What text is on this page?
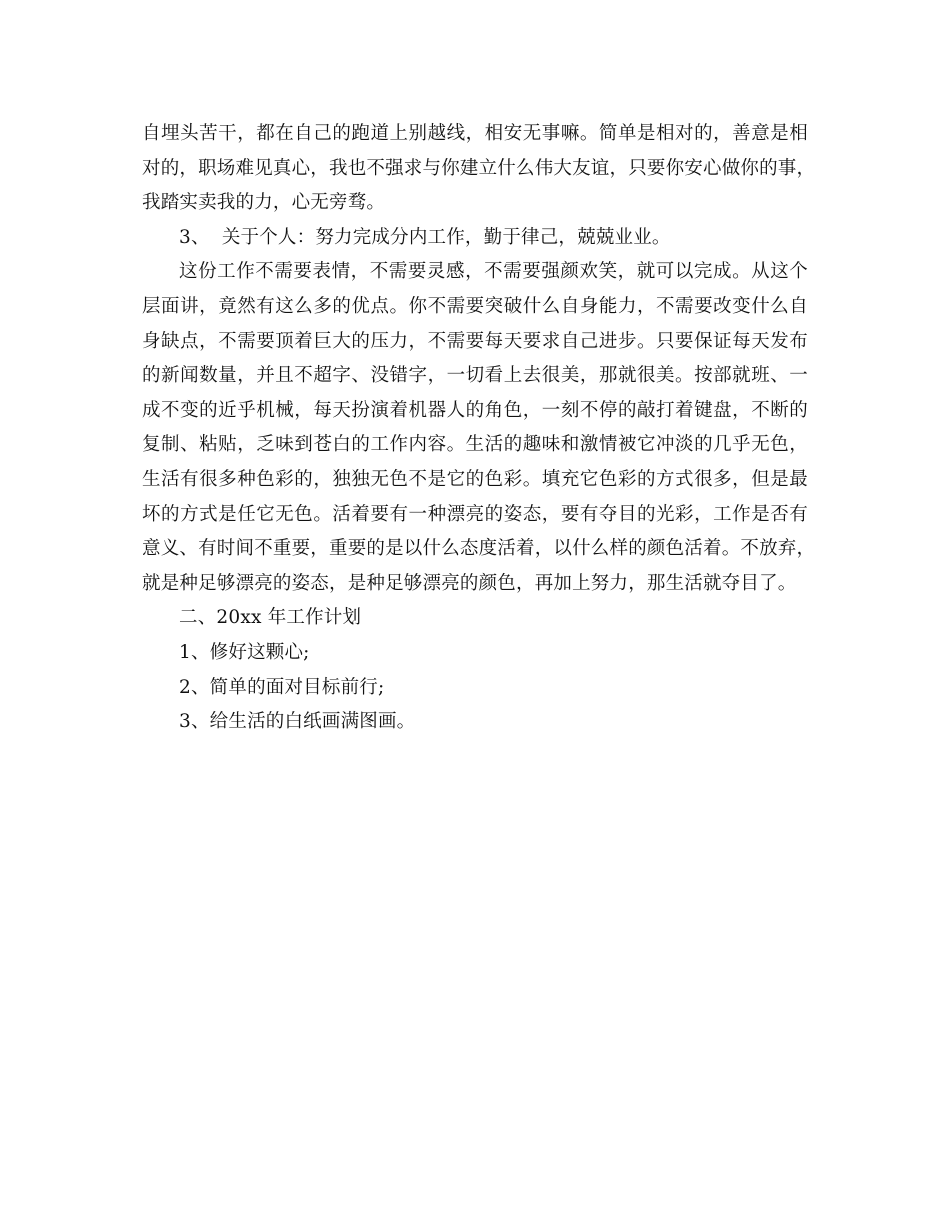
自埋头苦干，都在自己的跑道上别越线，相安无事嘛。简单是相对的，善意是相
对的，职场难见真心，我也不强求与你建立什么伟大友谊，只要你安心做你的事，
我踏实卖我的力，心无旁骛。
3、  关于个人：努力完成分内工作，勤于律己，兢兢业业。
这份工作不需要表情，不需要灵感，不需要强颜欢笑，就可以完成。从这个
层面讲，竟然有这么多的优点。你不需要突破什么自身能力，不需要改变什么自
身缺点，不需要顶着巨大的压力，不需要每天要求自己进步。只要保证每天发布
的新闻数量，并且不超字、没错字，一切看上去很美，那就很美。按部就班、一
成不变的近乎机械，每天扮演着机器人的角色，一刻不停的敲打着键盘，不断的
复制、粘贴，乏味到苍白的工作内容。生活的趣味和激情被它冲淡的几乎无色，
生活有很多种色彩的，独独无色不是它的色彩。填充它色彩的方式很多，但是最
坏的方式是任它无色。活着要有一种漂亮的姿态，要有夺目的光彩，工作是否有
意义、有时间不重要，重要的是以什么态度活着，以什么样的颜色活着。不放弃，
就是种足够漂亮的姿态，是种足够漂亮的颜色，再加上努力，那生活就夺目了。
二、20xx 年工作计划
1、修好这颗心;
2、简单的面对目标前行;
3、给生活的白纸画满图画。
